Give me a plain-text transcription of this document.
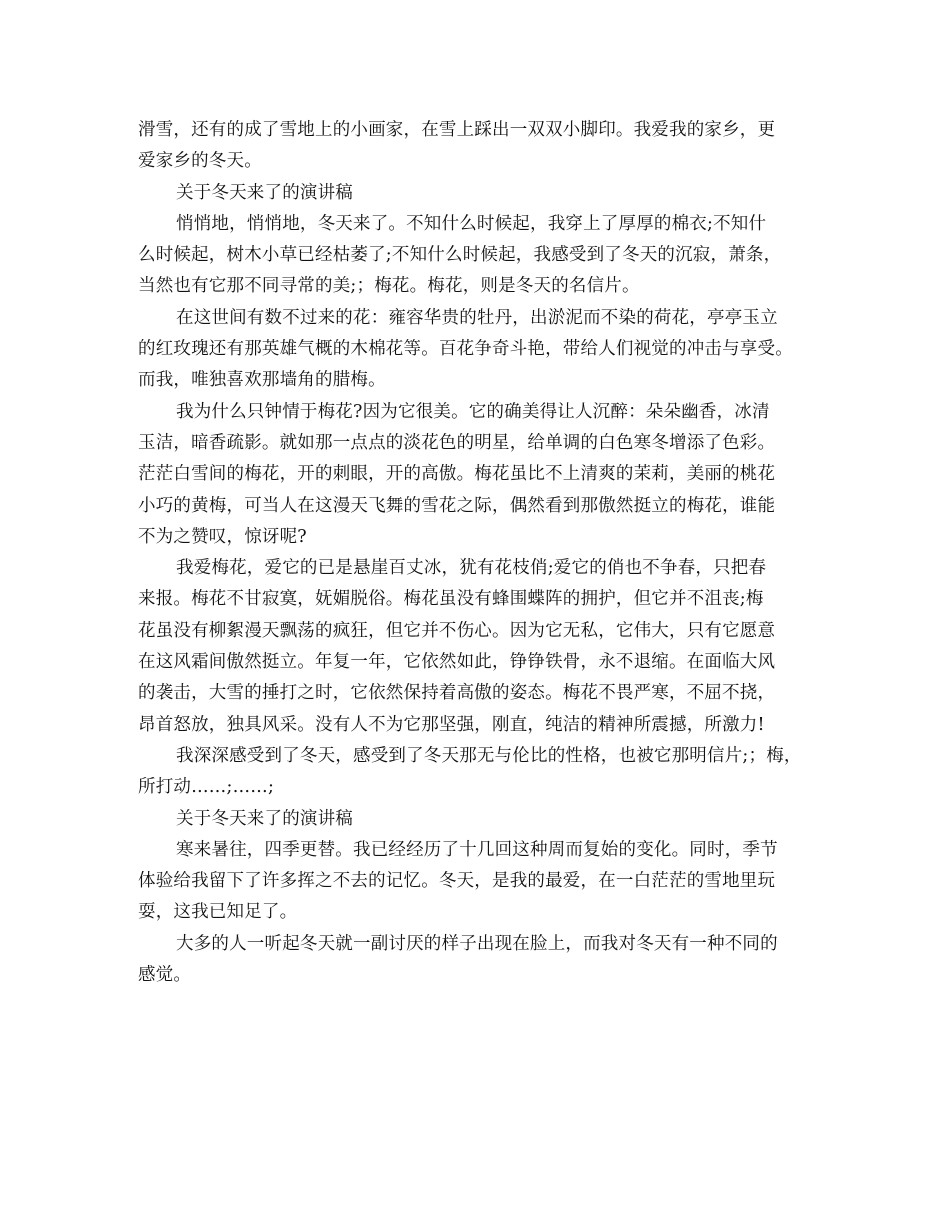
滑雪，还有的成了雪地上的小画家，在雪上踩出一双双小脚印。我爱我的家乡，更
爱家乡的冬天。
关于冬天来了的演讲稿
悄悄地，悄悄地，冬天来了。不知什么时候起，我穿上了厚厚的棉衣;不知什
么时候起，树木小草已经枯萎了;不知什么时候起，我感受到了冬天的沉寂，萧条，
当然也有它那不同寻常的美;；梅花。梅花，则是冬天的名信片。
在这世间有数不过来的花：雍容华贵的牡丹，出淤泥而不染的荷花，亭亭玉立
的红玫瑰还有那英雄气概的木棉花等。百花争奇斗艳，带给人们视觉的冲击与享受。
而我，唯独喜欢那墙角的腊梅。
我为什么只钟情于梅花?因为它很美。它的确美得让人沉醉：朵朵幽香，冰清
玉洁，暗香疏影。就如那一点点的淡花色的明星，给单调的白色寒冬增添了色彩。
茫茫白雪间的梅花，开的刺眼，开的高傲。梅花虽比不上清爽的茉莉，美丽的桃花
小巧的黄梅，可当人在这漫天飞舞的雪花之际，偶然看到那傲然挺立的梅花，谁能
不为之赞叹，惊讶呢?
我爱梅花，爱它的已是悬崖百丈冰，犹有花枝俏;爱它的俏也不争春，只把春
来报。梅花不甘寂寞，妩媚脱俗。梅花虽没有蜂围蝶阵的拥护，但它并不沮丧;梅
花虽没有柳絮漫天飘荡的疯狂，但它并不伤心。因为它无私，它伟大，只有它愿意
在这风霜间傲然挺立。年复一年，它依然如此，铮铮铁骨，永不退缩。在面临大风
的袭击，大雪的捶打之时，它依然保持着高傲的姿态。梅花不畏严寒，不屈不挠，
昂首怒放，独具风采。没有人不为它那坚强，刚直，纯洁的精神所震撼，所激力!
我深深感受到了冬天，感受到了冬天那无与伦比的性格，也被它那明信片;；梅，
所打动……;……;
关于冬天来了的演讲稿
寒来暑往，四季更替。我已经经历了十几回这种周而复始的变化。同时，季节
体验给我留下了许多挥之不去的记忆。冬天，是我的最爱，在一白茫茫的雪地里玩
耍，这我已知足了。
大多的人一听起冬天就一副讨厌的样子出现在脸上，而我对冬天有一种不同的
感觉。
